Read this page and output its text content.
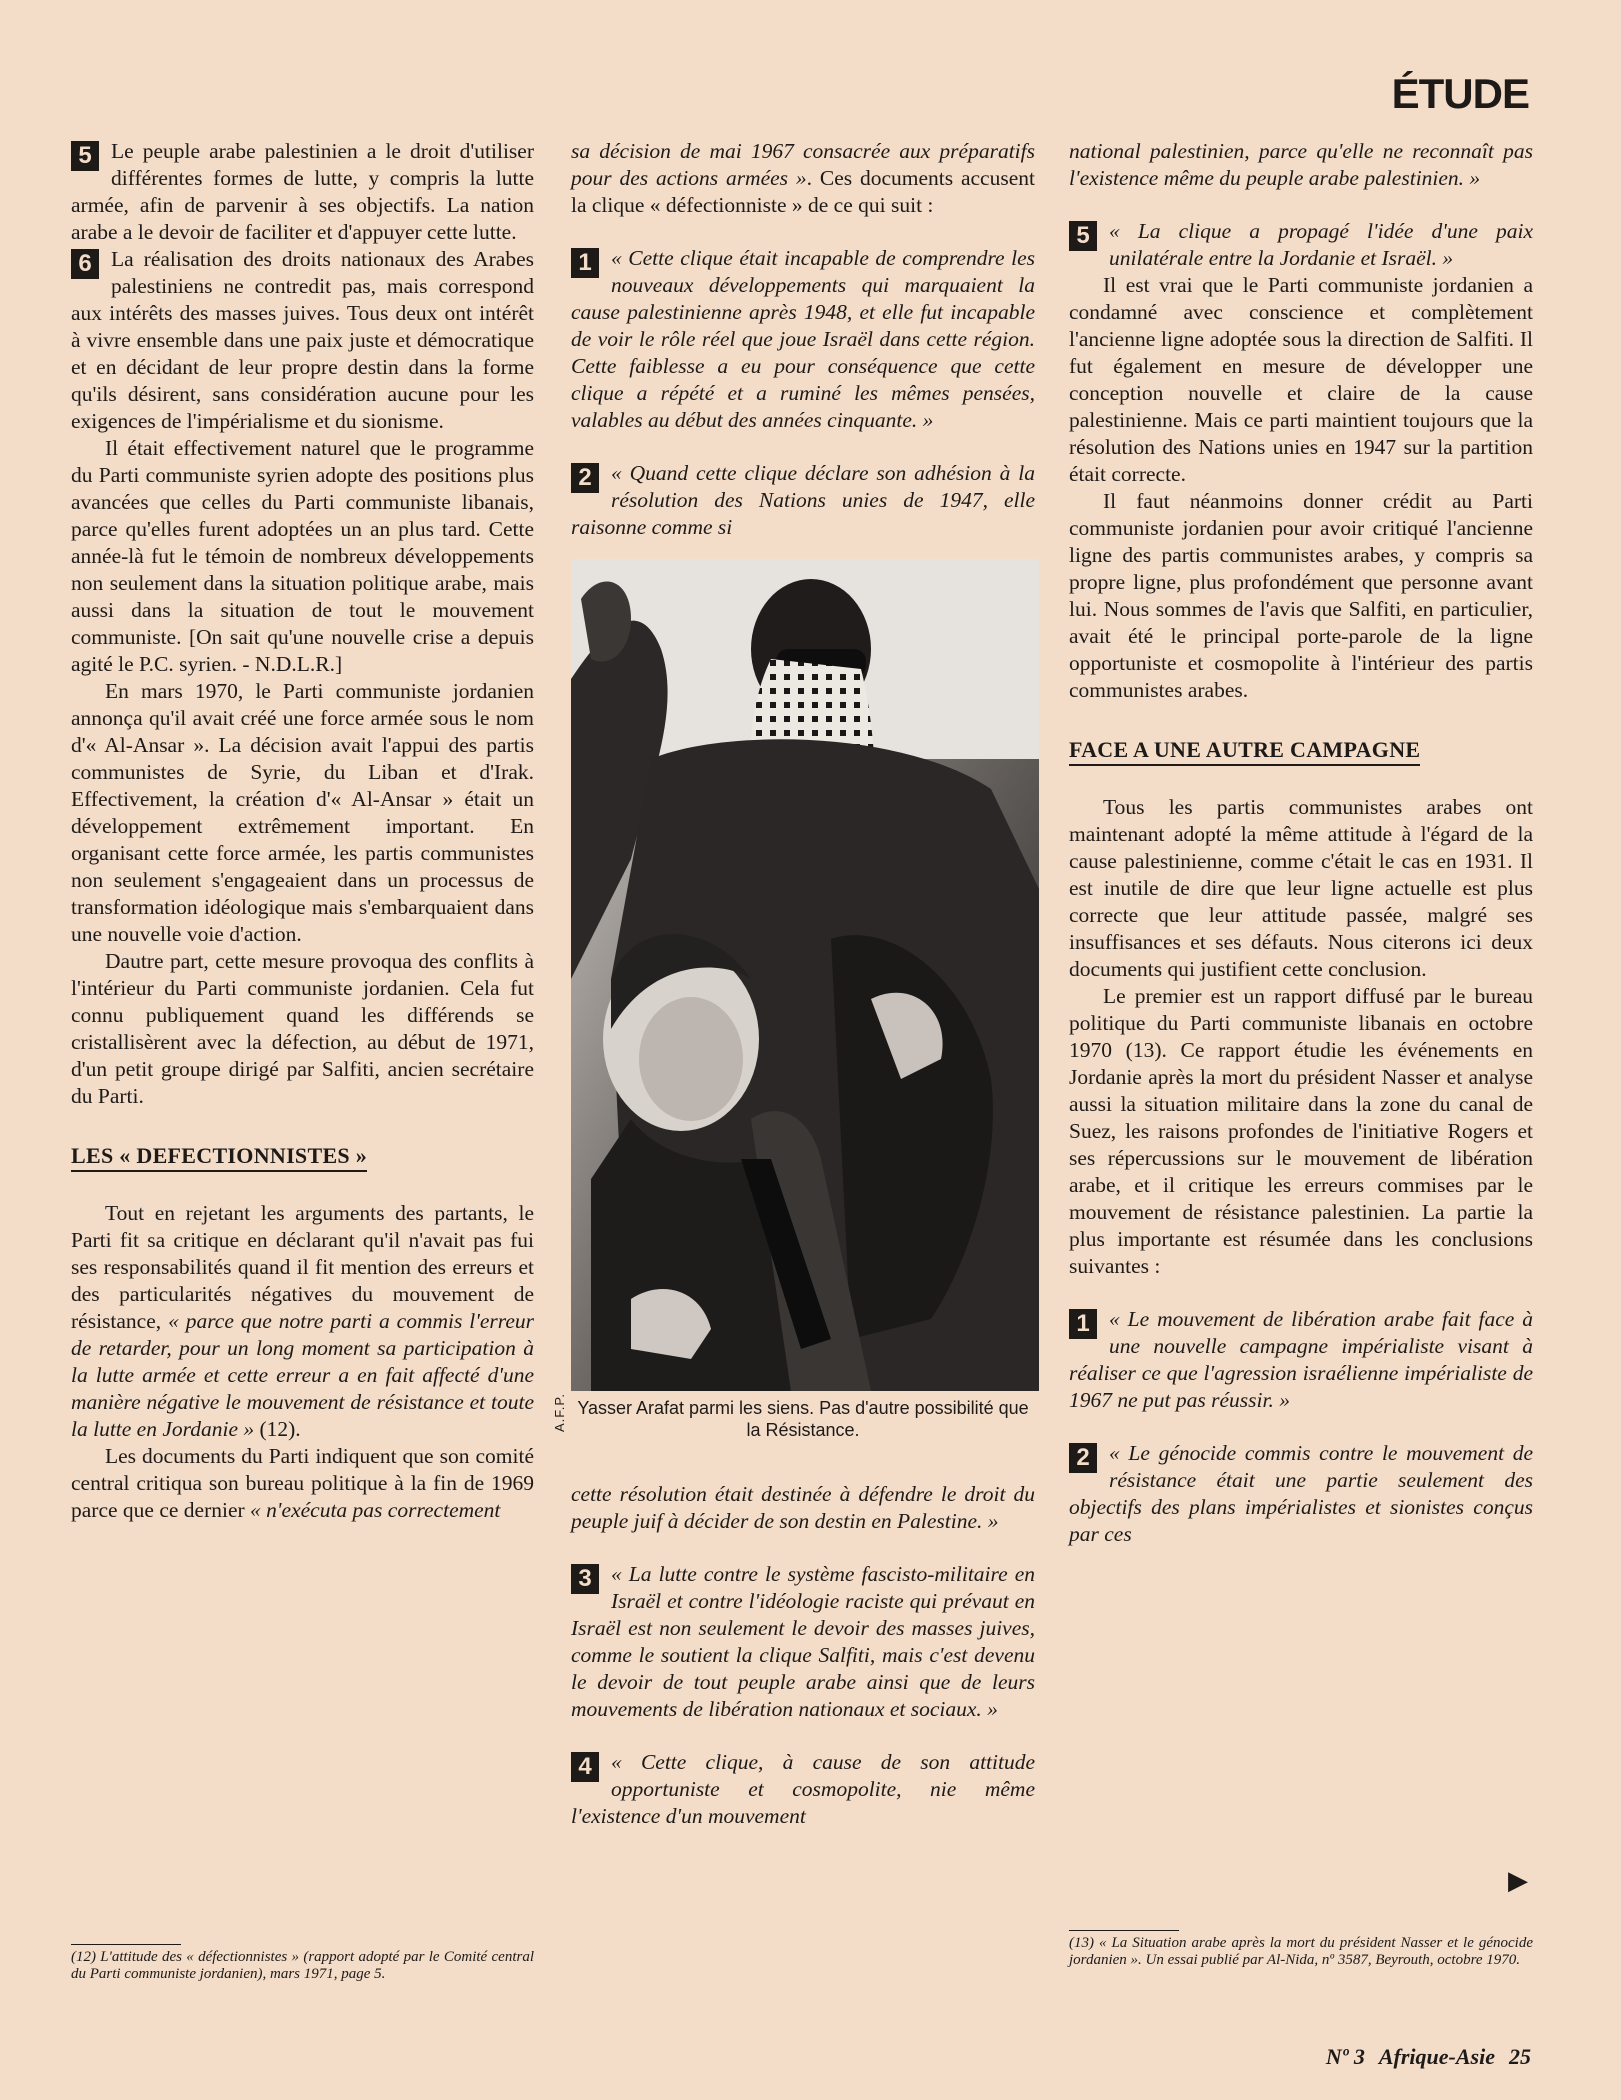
ÉTUDE

5 Le peuple arabe palestinien a le droit d'utiliser différentes formes de lutte, y compris la lutte armée, afin de parvenir à ses objectifs. La nation arabe a le devoir de faciliter et d'appuyer cette lutte.

6 La réalisation des droits nationaux des Arabes palestiniens ne contredit pas, mais correspond aux intérêts des masses juives. Tous deux ont intérêt à vivre ensemble dans une paix juste et démocratique et en décidant de leur propre destin dans la forme qu'ils désirent, sans considération aucune pour les exigences de l'impérialisme et du sionisme.

Il était effectivement naturel que le programme du Parti communiste syrien adopte des positions plus avancées que celles du Parti communiste libanais, parce qu'elles furent adoptées un an plus tard. Cette année-là fut le témoin de nombreux développements non seulement dans la situation politique arabe, mais aussi dans la situation de tout le mouvement communiste. [On sait qu'une nouvelle crise a depuis agité le P.C. syrien. - N.D.L.R.]

En mars 1970, le Parti communiste jordanien annonça qu'il avait créé une force armée sous le nom d'« Al-Ansar ». La décision avait l'appui des partis communistes de Syrie, du Liban et d'Irak. Effectivement, la création d'« Al-Ansar » était un développement extrêmement important. En organisant cette force armée, les partis communistes non seulement s'engageaient dans un processus de transformation idéologique mais s'embarquaient dans une nouvelle voie d'action.

Dautre part, cette mesure provoqua des conflits à l'intérieur du Parti communiste jordanien. Cela fut connu publiquement quand les différends se cristallisèrent avec la défection, au début de 1971, d'un petit groupe dirigé par Salfiti, ancien secrétaire du Parti.

LES « DEFECTIONNISTES »

Tout en rejetant les arguments des partants, le Parti fit sa critique en déclarant qu'il n'avait pas fui ses responsabilités quand il fit mention des erreurs et des particularités négatives du mouvement de résistance, « parce que notre parti a commis l'erreur de retarder, pour un long moment sa participation à la lutte armée et cette erreur a en fait affecté d'une manière négative le mouvement de résistance et toute la lutte en Jordanie » (12).

Les documents du Parti indiquent que son comité central critiqua son bureau politique à la fin de 1969 parce que ce dernier « n'exécuta pas correctement

sa décision de mai 1967 consacrée aux préparatifs pour des actions armées ». Ces documents accusent la clique « défectionniste » de ce qui suit :

1 « Cette clique était incapable de comprendre les nouveaux développements qui marquaient la cause palestinienne après 1948, et elle fut incapable de voir le rôle réel que joue Israël dans cette région. Cette faiblesse a eu pour conséquence que cette clique a répété et a ruminé les mêmes pensées, valables au début des années cinquante. »

2 « Quand cette clique déclare son adhésion à la résolution des Nations unies de 1947, elle raisonne comme si

Yasser Arafat parmi les siens. Pas d'autre possibilité que la Résistance.

cette résolution était destinée à défendre le droit du peuple juif à décider de son destin en Palestine. »

3 « La lutte contre le système fascisto-militaire en Israël et contre l'idéologie raciste qui prévaut en Israël est non seulement le devoir des masses juives, comme le soutient la clique Salfiti, mais c'est devenu le devoir de tout peuple arabe ainsi que de leurs mouvements de libération nationaux et sociaux. »

4 « Cette clique, à cause de son attitude opportuniste et cosmopolite, nie même l'existence d'un mouvement

A.F.P.

national palestinien, parce qu'elle ne reconnaît pas l'existence même du peuple arabe palestinien. »

5 « La clique a propagé l'idée d'une paix unilatérale entre la Jordanie et Israël. »

Il est vrai que le Parti communiste jordanien a condamné avec conscience et complètement l'ancienne ligne adoptée sous la direction de Salfiti. Il fut également en mesure de développer une conception nouvelle et claire de la cause palestinienne. Mais ce parti maintient toujours que la résolution des Nations unies en 1947 sur la partition était correcte.

Il faut néanmoins donner crédit au Parti communiste jordanien pour avoir critiqué l'ancienne ligne des partis communistes arabes, y compris sa propre ligne, plus profondément que personne avant lui. Nous sommes de l'avis que Salfiti, en particulier, avait été le principal porte-parole de la ligne opportuniste et cosmopolite à l'intérieur des partis communistes arabes.

FACE A UNE AUTRE CAMPAGNE

Tous les partis communistes arabes ont maintenant adopté la même attitude à l'égard de la cause palestinienne, comme c'était le cas en 1931. Il est inutile de dire que leur ligne actuelle est plus correcte que leur attitude passée, malgré ses insuffisances et ses défauts. Nous citerons ici deux documents qui justifient cette conclusion.

Le premier est un rapport diffusé par le bureau politique du Parti communiste libanais en octobre 1970 (13). Ce rapport étudie les événements en Jordanie après la mort du président Nasser et analyse aussi la situation militaire dans la zone du canal de Suez, les raisons profondes de l'initiative Rogers et ses répercussions sur le mouvement de libération arabe, et il critique les erreurs commises par le mouvement de résistance palestinien. La partie la plus importante est résumée dans les conclusions suivantes :

1 « Le mouvement de libération arabe fait face à une nouvelle campagne impérialiste visant à réaliser ce que l'agression israélienne impérialiste de 1967 ne put pas réussir. »

2 « Le génocide commis contre le mouvement de résistance était une partie seulement des objectifs des plans impérialistes et sionistes conçus par ces

▶
(12) L'attitude des « défectionnistes » (rapport adopté par le Comité central du Parti communiste jordanien), mars 1971, page 5.
(13) « La Situation arabe après la mort du président Nasser et le génocide jordanien ». Un essai publié par Al-Nida, nº 3587, Beyrouth, octobre 1970.
Nº 3 Afrique-Asie 25
